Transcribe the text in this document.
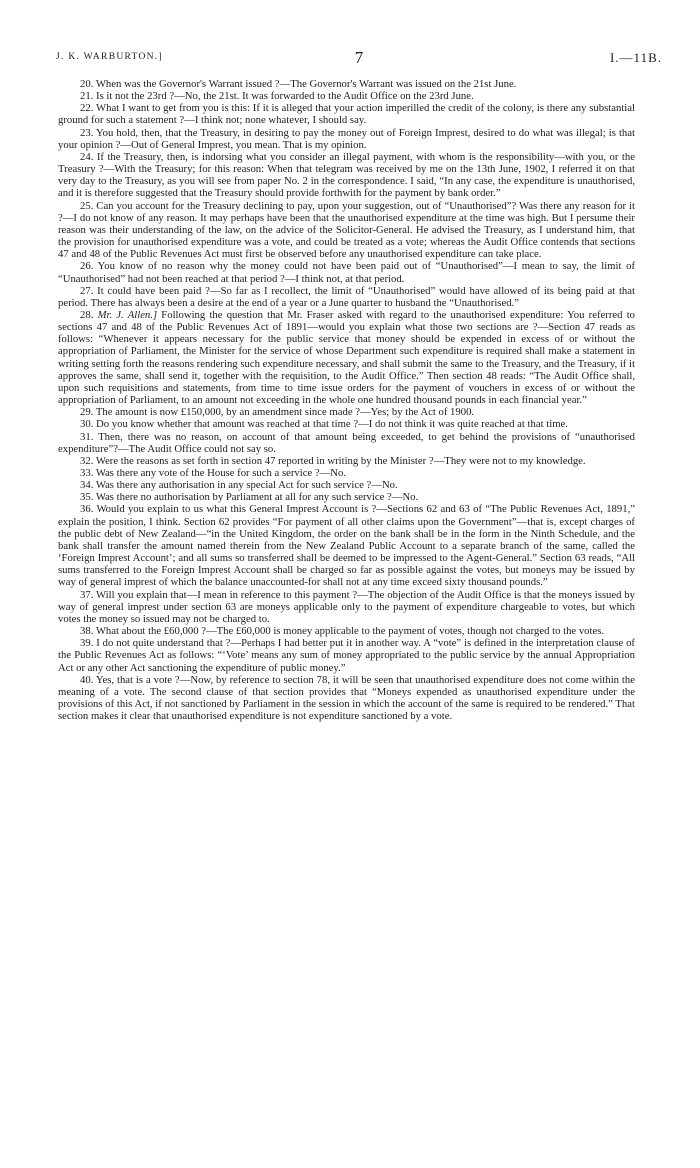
J. K. WARBURTON.]	7	I.—11B.

20. When was the Governor's Warrant issued ?—The Governor's Warrant was issued on the 21st June.

21. Is it not the 23rd ?—No, the 21st. It was forwarded to the Audit Office on the 23rd June.

22. What I want to get from you is this: If it is alleged that your action imperilled the credit of the colony, is there any substantial ground for such a statement ?—I think not; none whatever, I should say.

23. You hold, then, that the Treasury, in desiring to pay the money out of Foreign Imprest, desired to do what was illegal; is that your opinion ?—Out of General Imprest, you mean. That is my opinion.

24. If the Treasury, then, is indorsing what you consider an illegal payment, with whom is the responsibility—with you, or the Treasury ?—With the Treasury; for this reason: When that telegram was received by me on the 13th June, 1902, I referred it on that very day to the Treasury, as you will see from paper No. 2 in the correspondence. I said, “In any case, the expenditure is unauthorised, and it is therefore suggested that the Treasury should provide forthwith for the payment by bank order.”

25. Can you account for the Treasury declining to pay, upon your suggestion, out of “Unauthorised”? Was there any reason for it ?—I do not know of any reason. It may perhaps have been that the unauthorised expenditure at the time was high. But I persume their reason was their understanding of the law, on the advice of the Solicitor-General. He advised the Treasury, as I understand him, that the provision for unauthorised expenditure was a vote, and could be treated as a vote; whereas the Audit Office contends that sections 47 and 48 of the Public Revenues Act must first be observed before any unauthorised expenditure can take place.

26. You know of no reason why the money could not have been paid out of “Unauthorised”—I mean to say, the limit of “Unauthorised” had not been reached at that period ?—I think not, at that period.

27. It could have been paid ?—So far as I recollect, the limit of “Unauthorised” would have allowed of its being paid at that period. There has always been a desire at the end of a year or a June quarter to husband the “Unauthorised.”

28. Mr. J. Allen.] Following the question that Mr. Fraser asked with regard to the unauthorised expenditure: You referred to sections 47 and 48 of the Public Revenues Act of 1891—would you explain what those two sections are ?—Section 47 reads as follows: “Whenever it appears necessary for the public service that money should be expended in excess of or without the appropriation of Parliament, the Minister for the service of whose Department such expenditure is required shall make a statement in writing setting forth the reasons rendering such expenditure necessary, and shall submit the same to the Treasury, and the Treasury, if it approves the same, shall send it, together with the requisition, to the Audit Office.” Then section 48 reads: “The Audit Office shall, upon such requisitions and statements, from time to time issue orders for the payment of vouchers in excess of or without the appropriation of Parliament, to an amount not exceeding in the whole one hundred thousand pounds in each financial year.”

29. The amount is now £150,000, by an amendment since made ?—Yes; by the Act of 1900.

30. Do you know whether that amount was reached at that time ?—I do not think it was quite reached at that time.

31. Then, there was no reason, on account of that amount being exceeded, to get behind the provisions of “unauthorised expenditure”?—The Audit Office could not say so.

32. Were the reasons as set forth in section 47 reported in writing by the Minister ?—They were not to my knowledge.

33. Was there any vote of the House for such a service ?—No.

34. Was there any authorisation in any special Act for such service ?—No.

35. Was there no authorisation by Parliament at all for any such service ?—No.

36. Would you explain to us what this General Imprest Account is ?—Sections 62 and 63 of “The Public Revenues Act, 1891,” explain the position, I think. Section 62 provides “For payment of all other claims upon the Government”—that is, except charges of the public debt of New Zealand—“in the United Kingdom, the order on the bank shall be in the form in the Ninth Schedule, and the bank shall transfer the amount named therein from the New Zealand Public Account to a separate branch of the same, called the ‘Foreign Imprest Account’; and all sums so transferred shall be deemed to be impressed to the Agent-General.” Section 63 reads, “All sums transferred to the Foreign Imprest Account shall be charged so far as possible against the votes, but moneys may be issued by way of general imprest of which the balance unaccounted-for shall not at any time exceed sixty thousand pounds.”

37. Will you explain that—I mean in reference to this payment ?—The objection of the Audit Office is that the moneys issued by way of general imprest under section 63 are moneys applicable only to the payment of expenditure chargeable to votes, but which votes the money so issued may not be charged to.

38. What about the £60,000 ?—The £60,000 is money applicable to the payment of votes, though not charged to the votes.

39. I do not quite understand that ?—Perhaps I had better put it in another way. A “vote” is defined in the interpretation clause of the Public Revenues Act as follows: “‘Vote’ means any sum of money appropriated to the public service by the annual Appropriation Act or any other Act sanctioning the expenditure of public money.”

40. Yes, that is a vote ?—Now, by reference to section 78, it will be seen that unauthorised expenditure does not come within the meaning of a vote. The second clause of that section provides that “Moneys expended as unauthorised expenditure under the provisions of this Act, if not sanctioned by Parliament in the session in which the account of the same is required to be rendered.” That section makes it clear that unauthorised expenditure is not expenditure sanctioned by a vote.
